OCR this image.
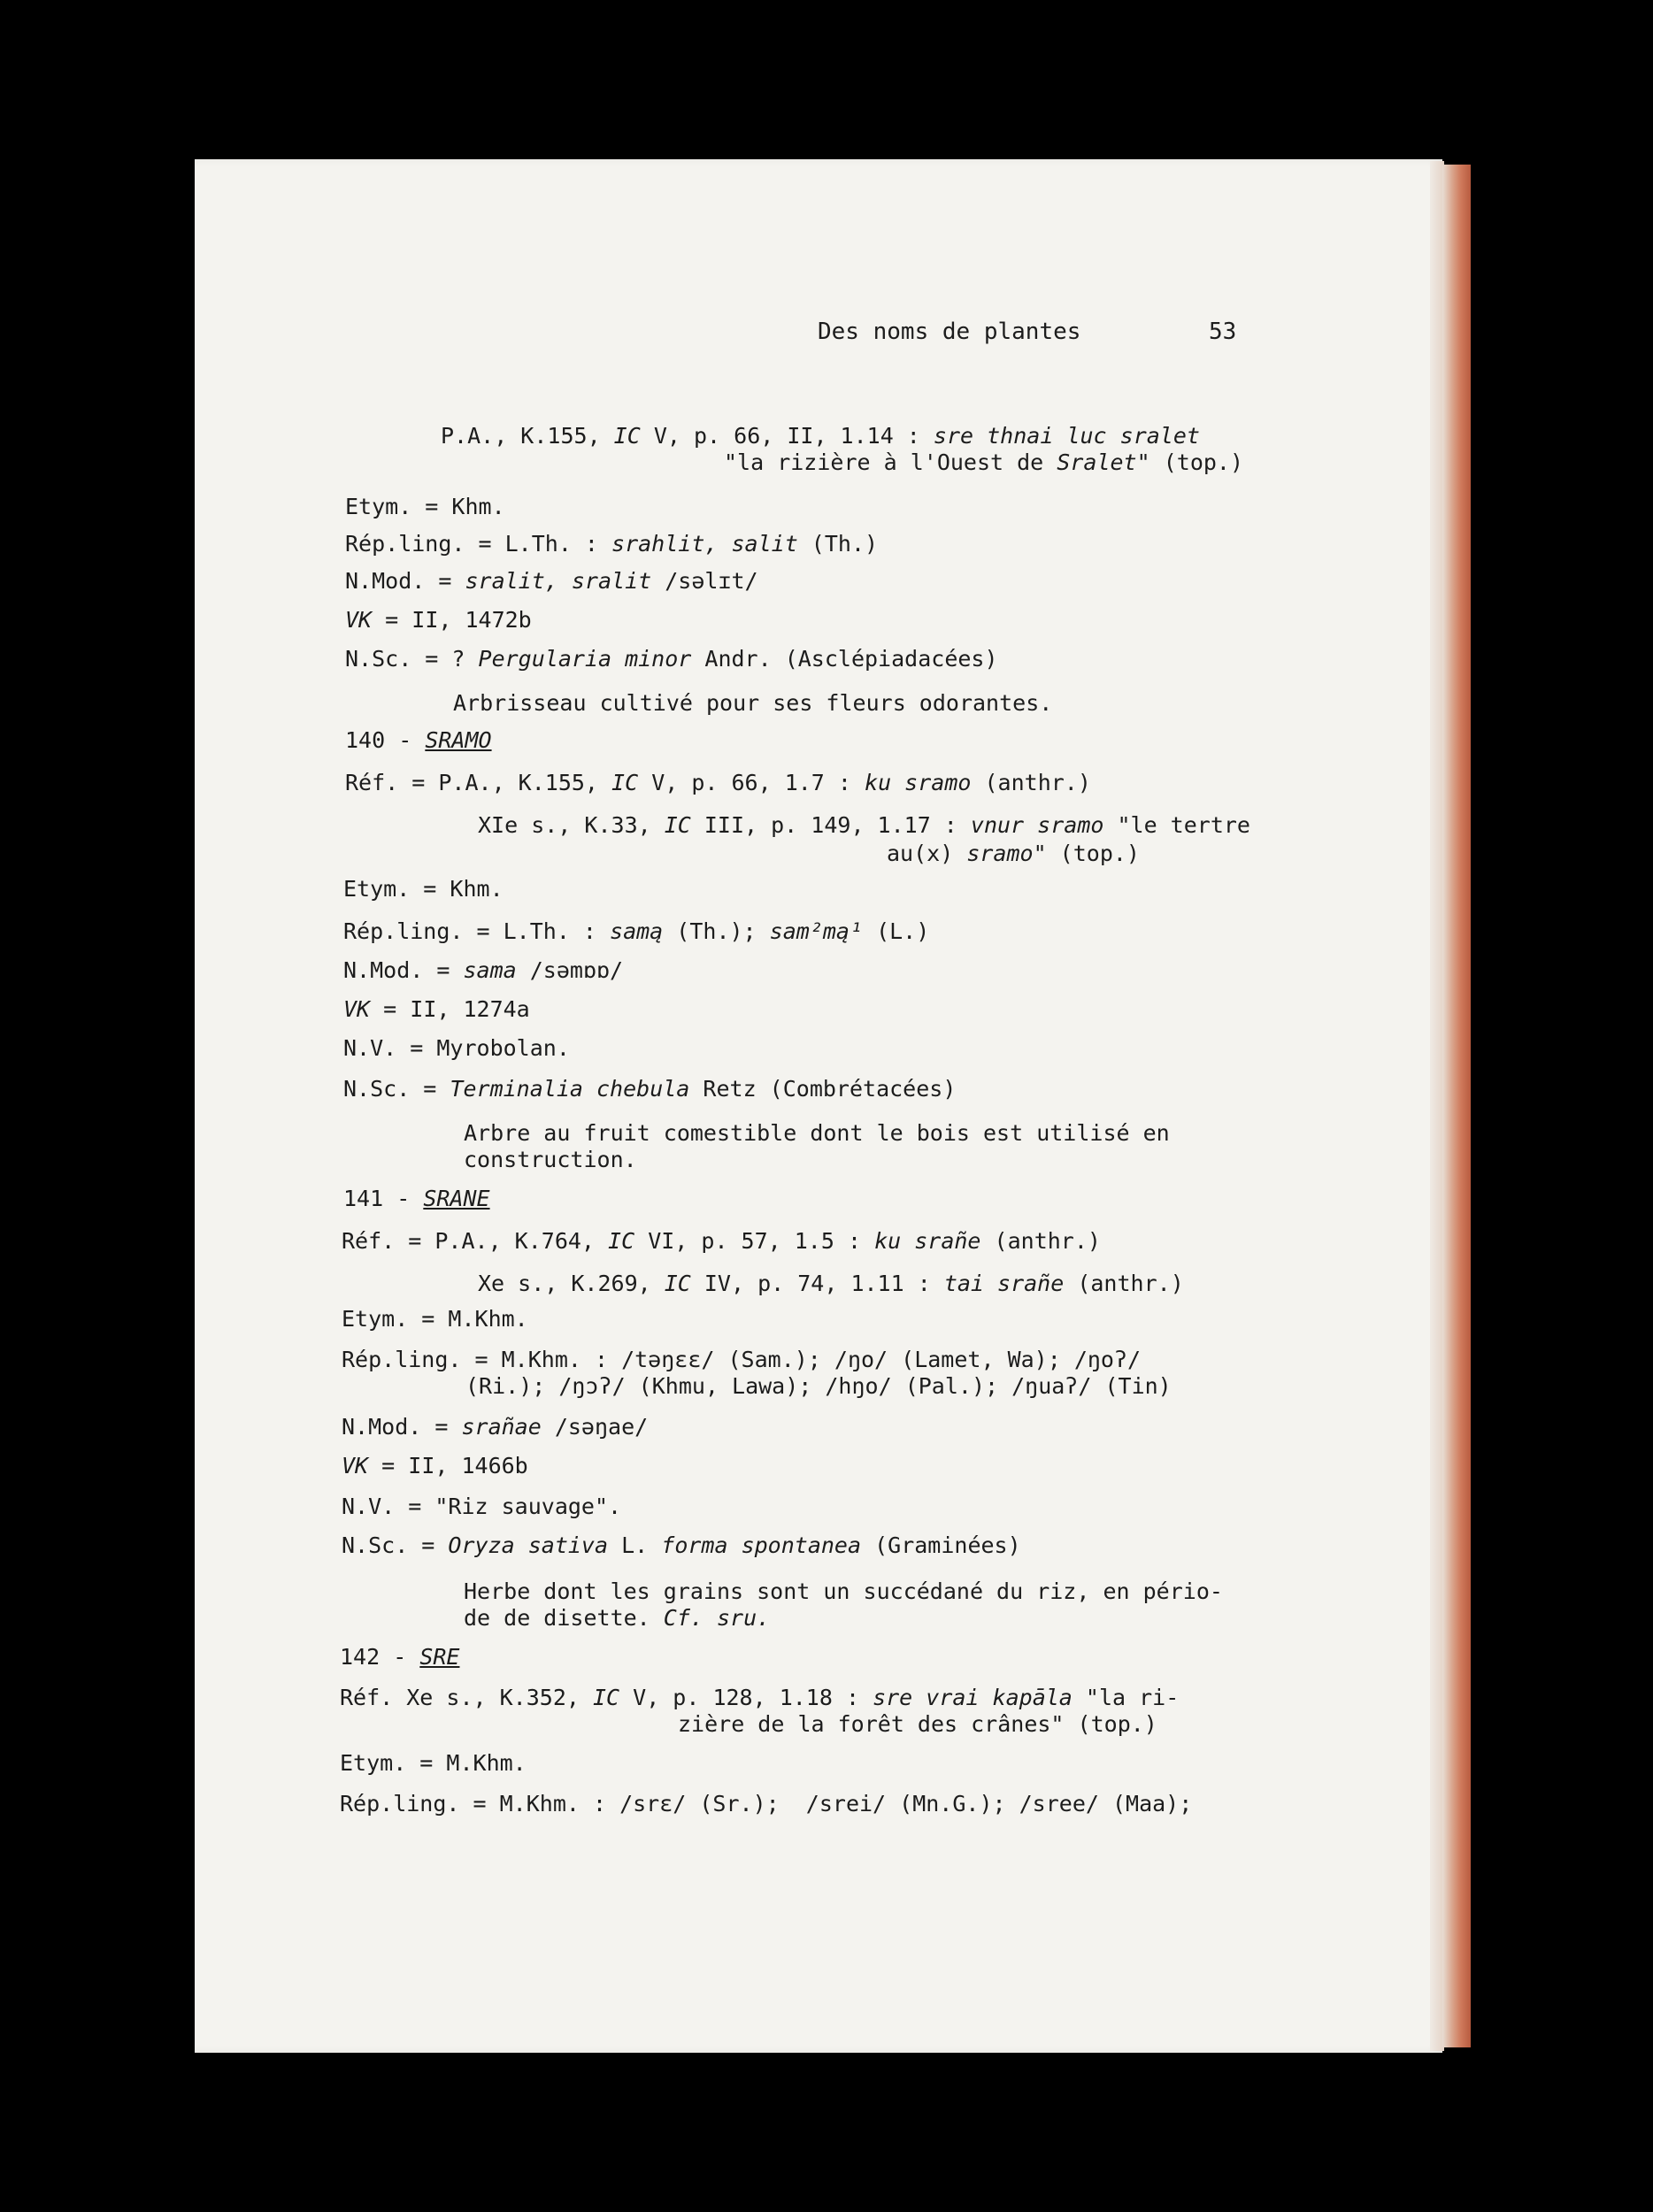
Des noms de plantes	53
P.A., K.155, IC V, p. 66, II, 1.14 : sre thnai luc sralet
"la rizière à l'Ouest de Sralet" (top.)
Etym. = Khm.
Rép.ling. = L.Th. : srahlit, salit (Th.)
N.Mod. = sralit, sralit /səlɪt/
VK = II, 1472b
N.Sc. = ? Pergularia minor Andr. (Asclépiadacées)
Arbrisseau cultivé pour ses fleurs odorantes.
140 - SRAMO
Réf. = P.A., K.155, IC V, p. 66, 1.7 : ku sramo (anthr.)
XIe s., K.33, IC III, p. 149, 1.17 : vnur sramo "le tertre
au(x) sramo" (top.)
Etym. = Khm.
Rép.ling. = L.Th. : samą (Th.); sam²mą¹ (L.)
N.Mod. = sama /səmɒɒ/
VK = II, 1274a
N.V. = Myrobolan.
N.Sc. = Terminalia chebula Retz (Combrétacées)
Arbre au fruit comestible dont le bois est utilisé en
construction.
141 - SRANE
Réf. = P.A., K.764, IC VI, p. 57, 1.5 : ku srañe (anthr.)
Xe s., K.269, IC IV, p. 74, 1.11 : tai srañe (anthr.)
Etym. = M.Khm.
Rép.ling. = M.Khm. : /təŋɛɛ/ (Sam.); /ŋo/ (Lamet, Wa); /ŋoʔ/
(Ri.); /ŋɔʔ/ (Khmu, Lawa); /hŋo/ (Pal.); /ŋuaʔ/ (Tin)
N.Mod. = srañae /səŋae/
VK = II, 1466b
N.V. = "Riz sauvage".
N.Sc. = Oryza sativa L. forma spontanea (Graminées)
Herbe dont les grains sont un succédané du riz, en pério-
de de disette. Cf. sru.
142 - SRE
Réf. Xe s., K.352, IC V, p. 128, 1.18 : sre vrai kapāla "la ri-
zière de la forêt des crânes" (top.)
Etym. = M.Khm.
Rép.ling. = M.Khm. : /srɛ/ (Sr.);  /srei/ (Mn.G.); /sree/ (Maa);
